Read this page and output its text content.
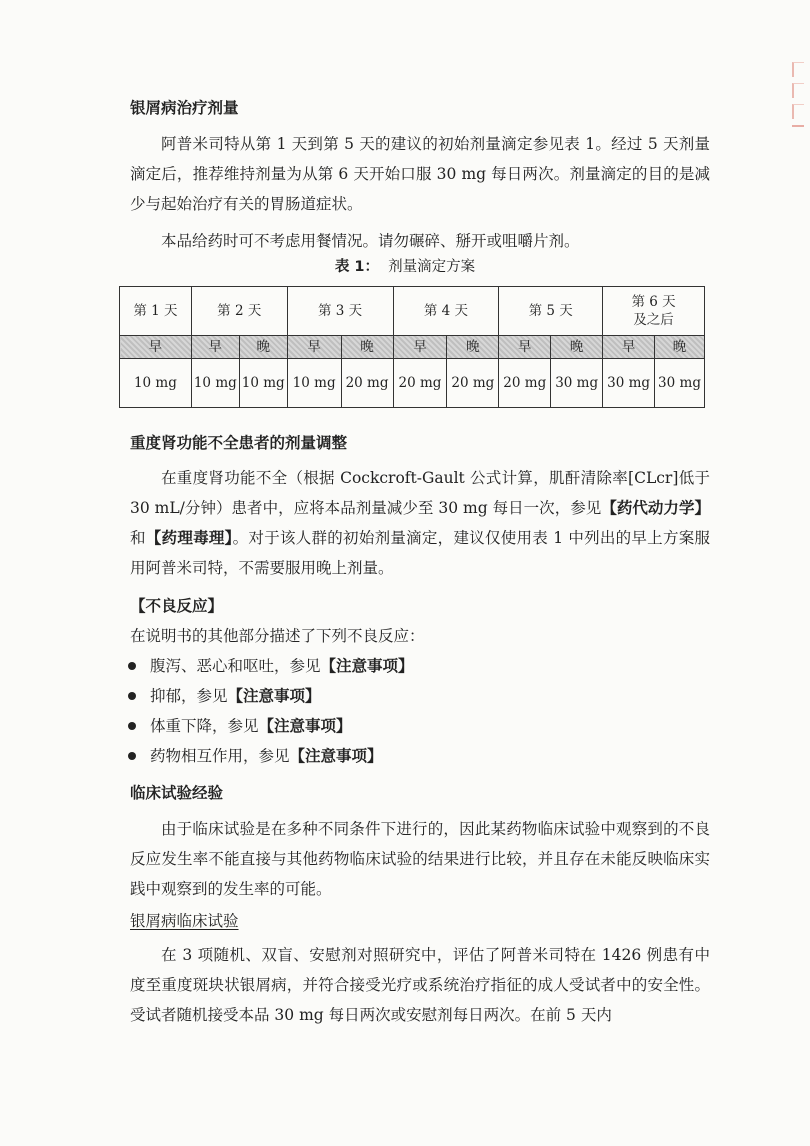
银屑病治疗剂量
阿普米司特从第 1 天到第 5 天的建议的初始剂量滴定参见表 1。经过 5 天剂量滴定后，推荐维持剂量为从第 6 天开始口服 30 mg 每日两次。剂量滴定的目的是减少与起始治疗有关的胃肠道症状。
本品给药时可不考虑用餐情况。请勿碾碎、掰开或咀嚼片剂。
表 1： 剂量滴定方案
第 1 天	第 2 天		第 3 天		第 4 天		第 5 天		第 6 天
及之后	

早	早	晚	早	晚	早	晚	早	晚	早	晚
10 mg	10 mg	10 mg	10 mg	20 mg	20 mg	20 mg	20 mg	30 mg	30 mg	30 mg
重度肾功能不全患者的剂量调整
在重度肾功能不全（根据 Cockcroft-Gault 公式计算，肌酐清除率[CLcr]低于 30 mL/分钟）患者中，应将本品剂量减少至 30 mg 每日一次，参见【药代动力学】和【药理毒理】。对于该人群的初始剂量滴定，建议仅使用表 1 中列出的早上方案服用阿普米司特，不需要服用晚上剂量。
【不良反应】
在说明书的其他部分描述了下列不良反应：
腹泻、恶心和呕吐，参见【注意事项】
抑郁，参见【注意事项】
体重下降，参见【注意事项】
药物相互作用，参见【注意事项】
临床试验经验
由于临床试验是在多种不同条件下进行的，因此某药物临床试验中观察到的不良反应发生率不能直接与其他药物临床试验的结果进行比较，并且存在未能反映临床实践中观察到的发生率的可能。
银屑病临床试验
在 3 项随机、双盲、安慰剂对照研究中，评估了阿普米司特在 1426 例患有中度至重度斑块状银屑病，并符合接受光疗或系统治疗指征的成人受试者中的安全性。受试者随机接受本品 30 mg 每日两次或安慰剂每日两次。在前 5 天内
